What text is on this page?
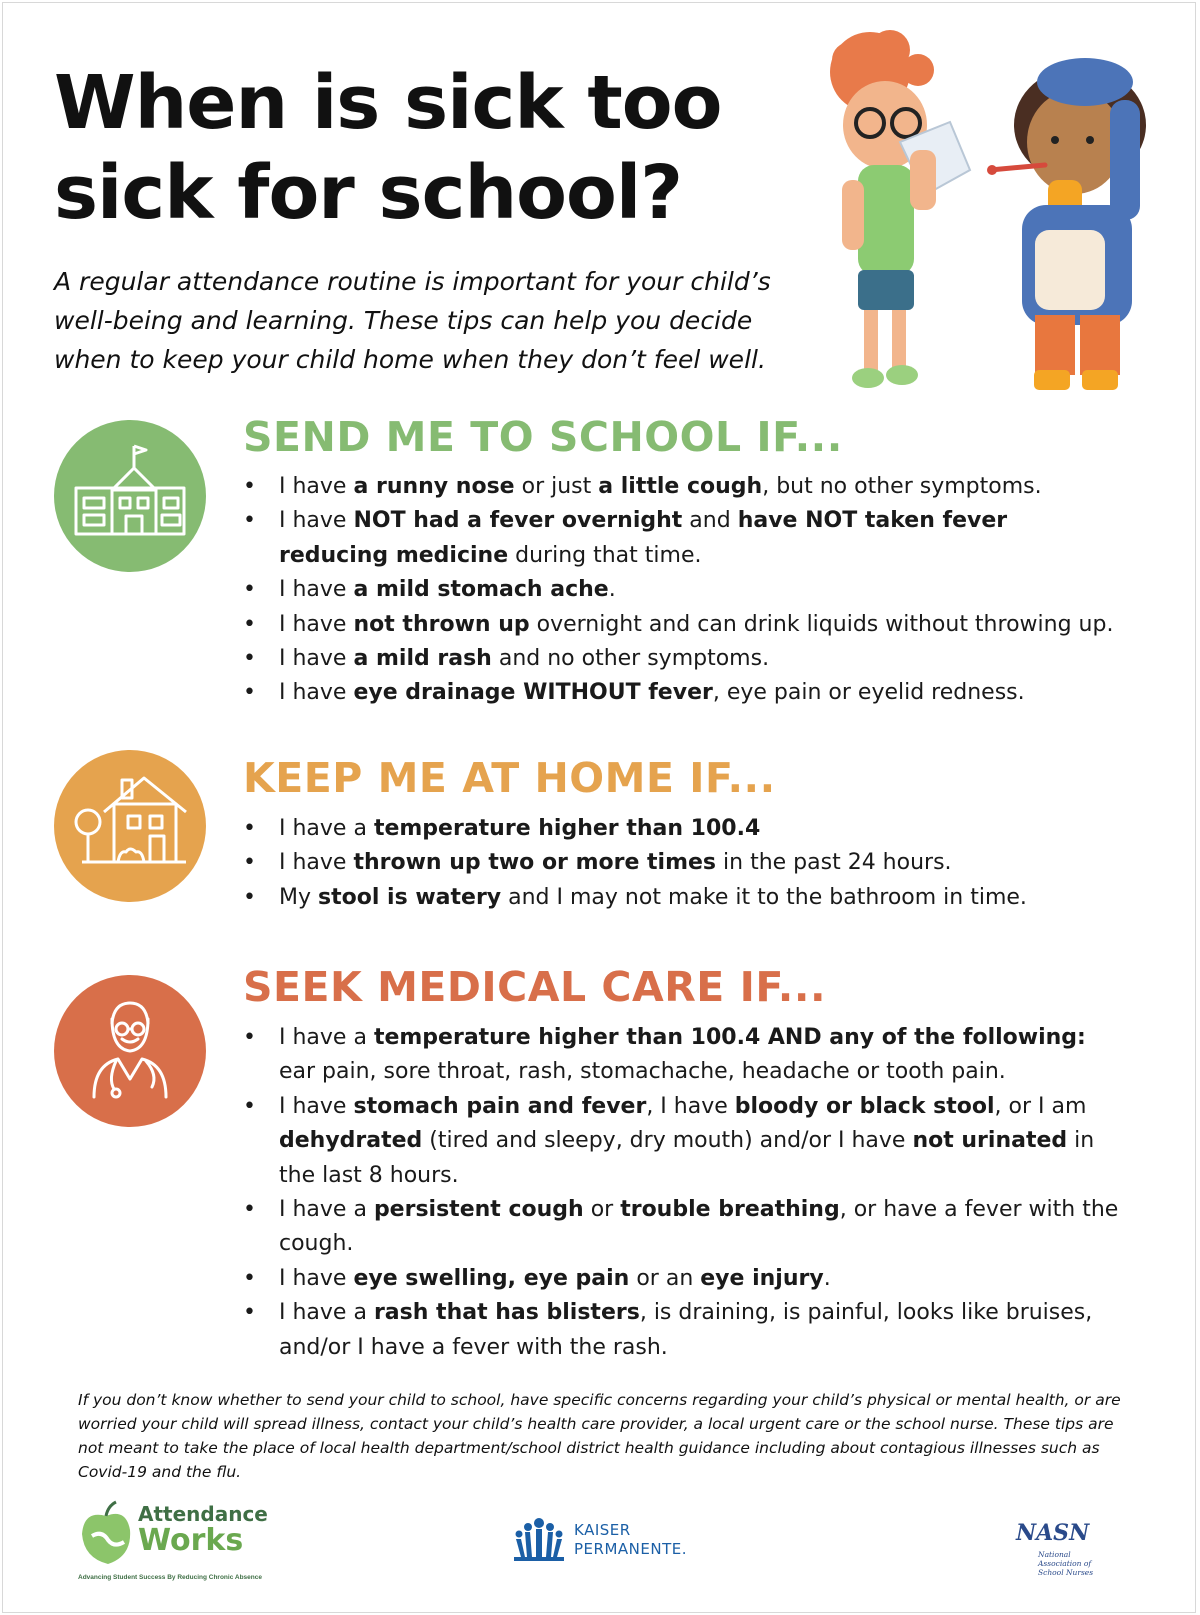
When is sick too
sick for school?

A regular attendance routine is important for your child’s well-being and learning. These tips can help you decide when to keep your child home when they don’t feel well.

SEND ME TO SCHOOL IF...
• I have a runny nose or just a little cough, but no other symptoms.
• I have NOT had a fever overnight and have NOT taken fever reducing medicine during that time.
• I have a mild stomach ache.
• I have not thrown up overnight and can drink liquids without throwing up.
• I have a mild rash and no other symptoms.
• I have eye drainage WITHOUT fever, eye pain or eyelid redness.
KEEP ME AT HOME IF...
• I have a temperature higher than 100.4
• I have thrown up two or more times in the past 24 hours.
• My stool is watery and I may not make it to the bathroom in time.
SEEK MEDICAL CARE IF...
• I have a temperature higher than 100.4 AND any of the following: ear pain, sore throat, rash, stomachache, headache or tooth pain.
• I have stomach pain and fever, I have bloody or black stool, or I am dehydrated (tired and sleepy, dry mouth) and/or I have not urinated in the last 8 hours.
• I have a persistent cough or trouble breathing, or have a fever with the cough.
• I have eye swelling, eye pain or an eye injury.
• I have a rash that has blisters, is draining, is painful, looks like bruises, and/or I have a fever with the rash.

If you don’t know whether to send your child to school, have specific concerns regarding your child’s physical or mental health, or are worried your child will spread illness, contact your child’s health care provider, a local urgent care or the school nurse. These tips are not meant to take the place of local health department/school district health guidance including about contagious illnesses such as Covid-19 and the flu.

Attendance
Works
Advancing Student Success By Reducing Chronic Absence
KAISER
PERMANENTE.
NASN
National
Association of
School Nurses
